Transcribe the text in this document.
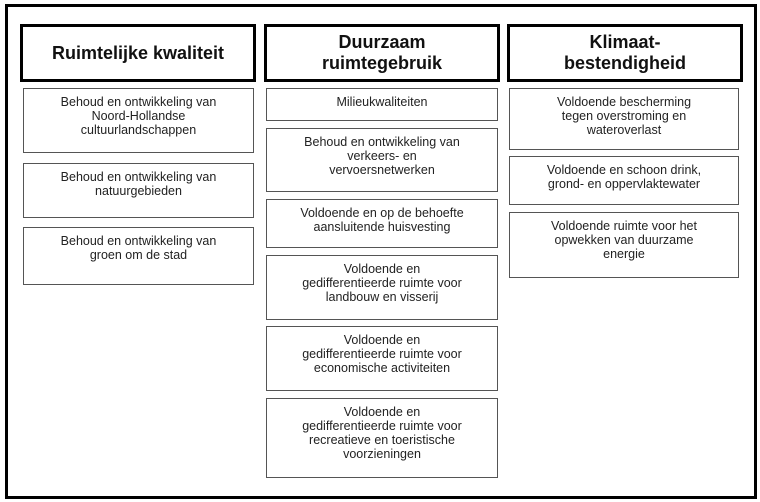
Ruimtelijke kwaliteit
Behoud en ontwikkeling van
Noord-Hollandse
cultuurlandschappen
Behoud en ontwikkeling van
natuurgebieden
Behoud en ontwikkeling van
groen om de stad
Duurzaam
ruimtegebruik
Milieukwaliteiten
Behoud en ontwikkeling van
verkeers- en
vervoersnetwerken
Voldoende en op de behoefte
aansluitende huisvesting
Voldoende en
gedifferentieerde ruimte voor
landbouw en visserij
Voldoende en
gedifferentieerde ruimte voor
economische activiteiten
Voldoende en
gedifferentieerde ruimte voor
recreatieve en toeristische
voorzieningen
Klimaat-
bestendigheid
Voldoende bescherming
tegen overstroming en
wateroverlast
Voldoende en schoon drink,
grond- en oppervlaktewater
Voldoende ruimte voor het
opwekken van duurzame
energie
